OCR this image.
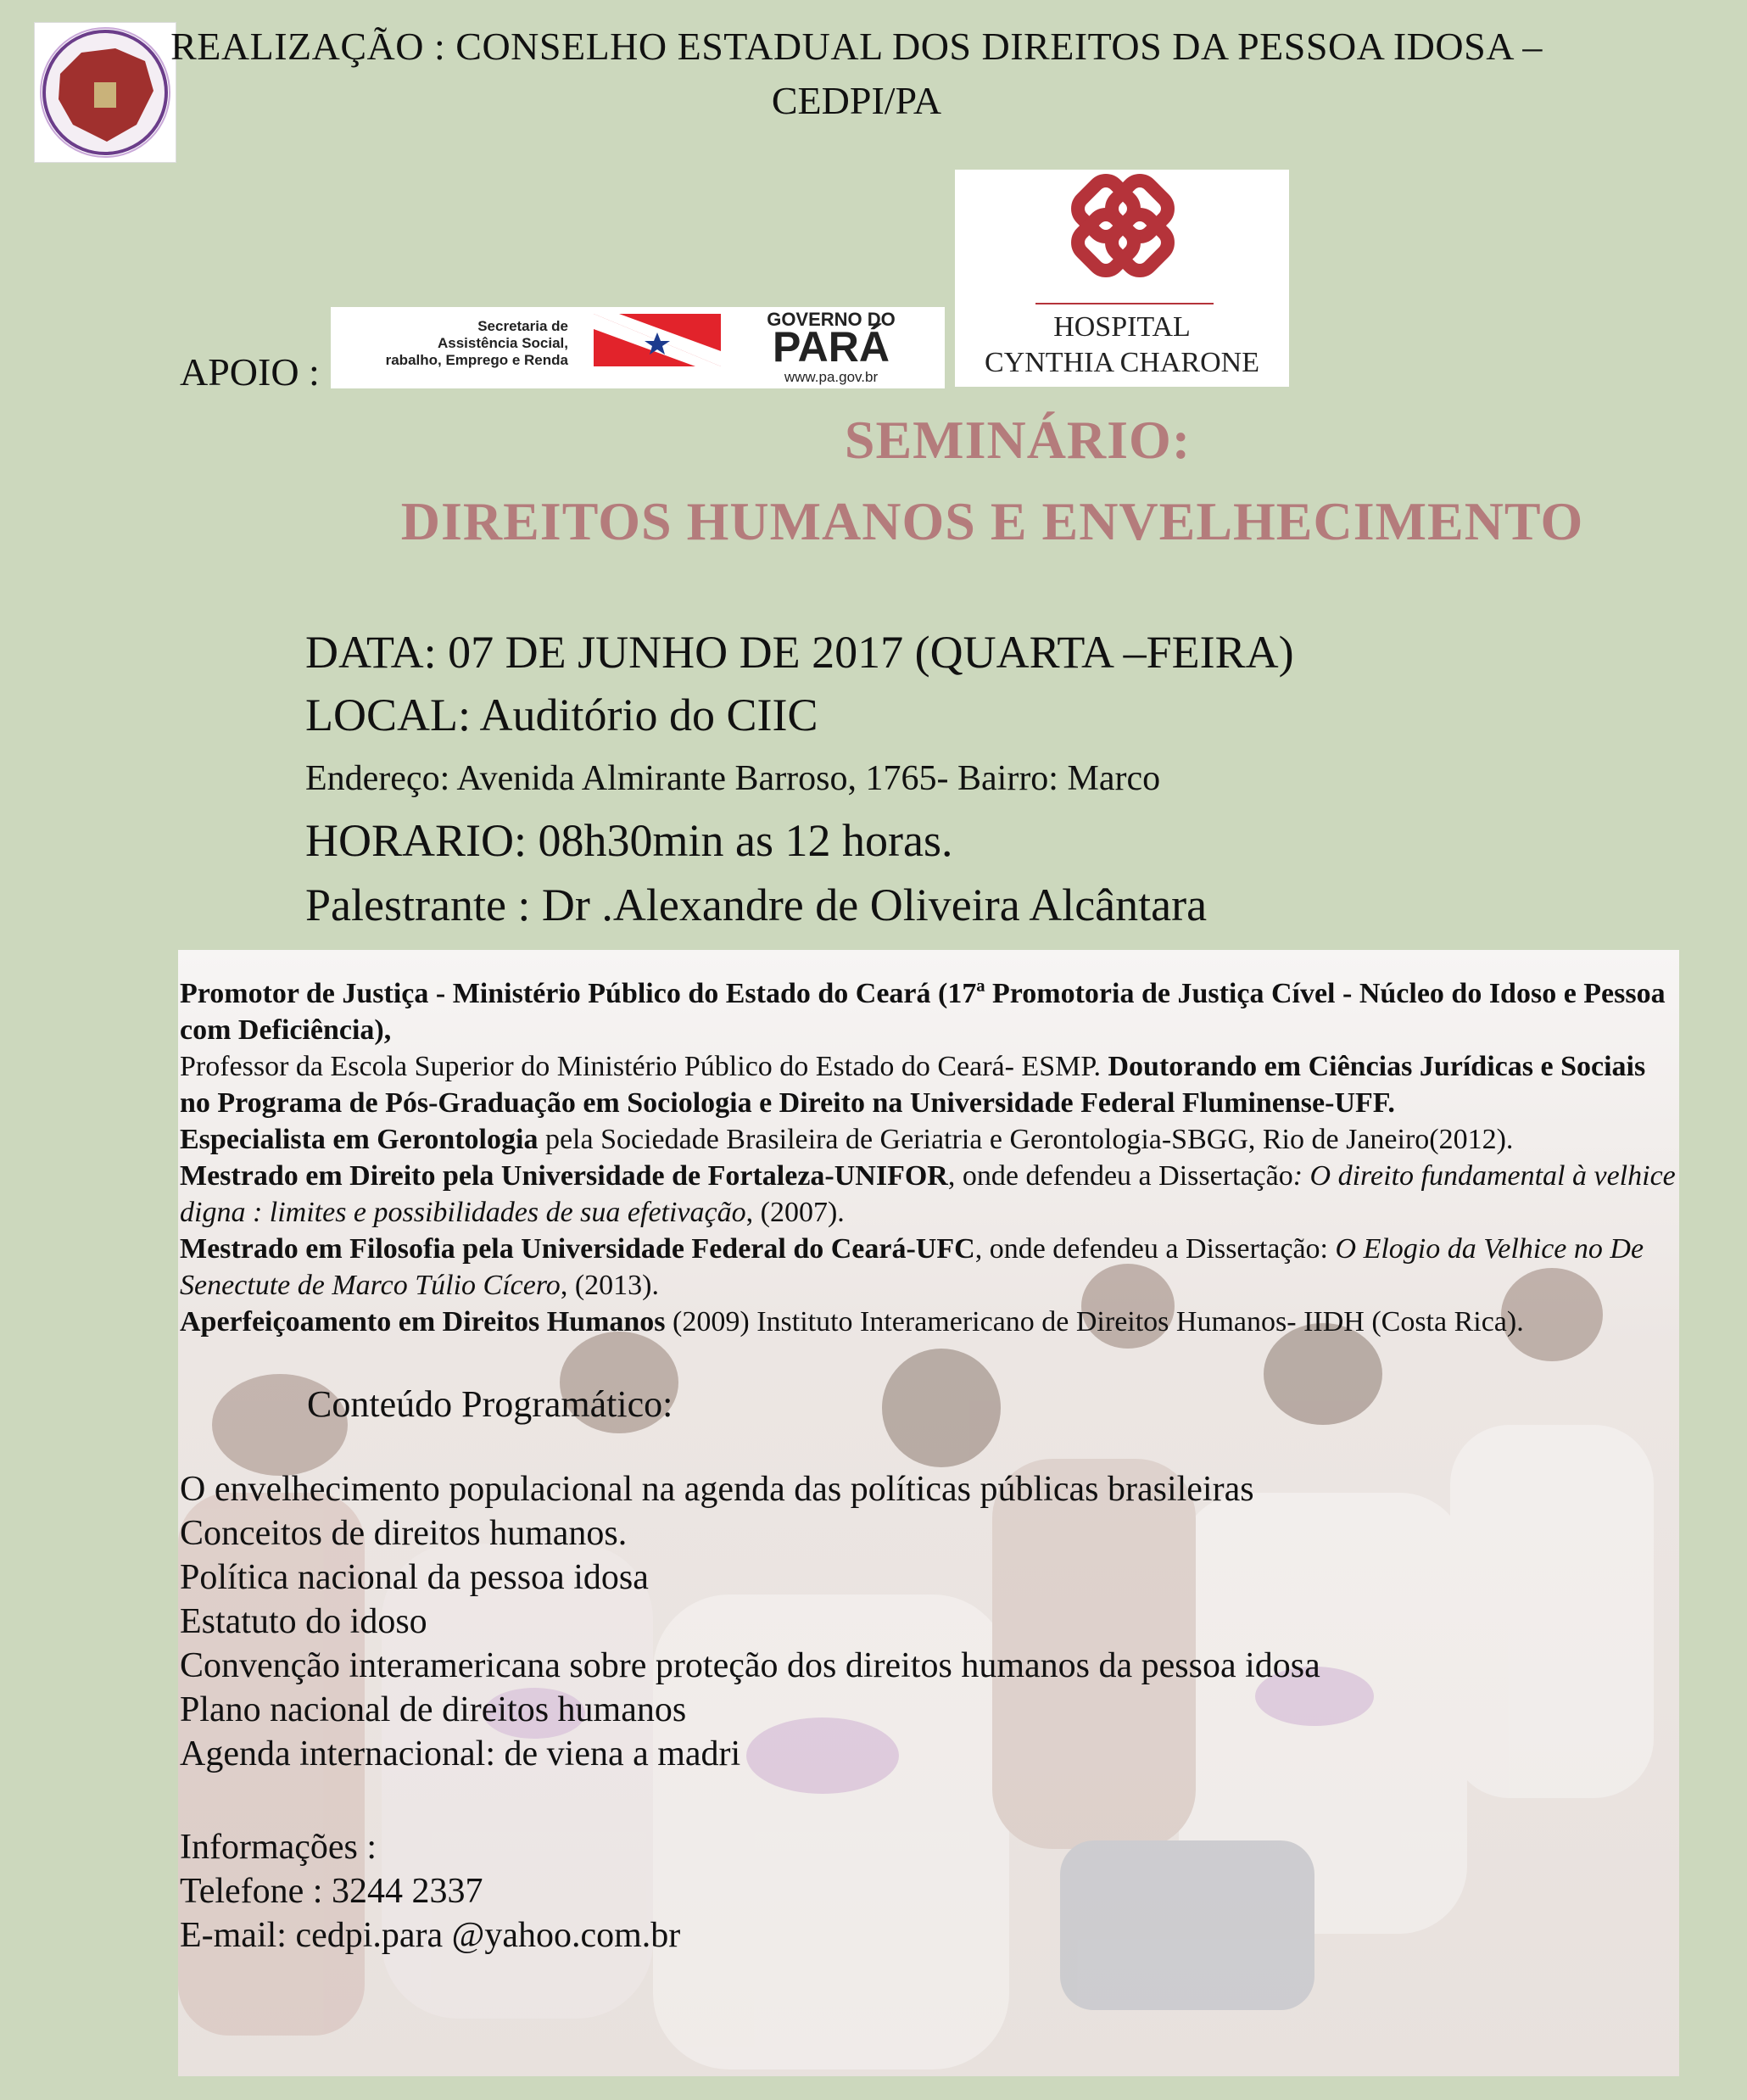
REALIZAÇÃO : CONSELHO ESTADUAL DOS DIREITOS DA PESSOA IDOSA –
CEDPI/PA
APOIO :
Secretaria de
Assistência Social,
rabalho, Emprego e Renda
GOVERNO DO
PARÁ
www.pa.gov.br
HOSPITAL
CYNTHIA CHARONE
SEMINÁRIO:
DIREITOS HUMANOS E ENVELHECIMENTO
DATA: 07 DE JUNHO DE 2017 (QUARTA –FEIRA)
LOCAL: Auditório do CIIC
Endereço: Avenida Almirante Barroso, 1765- Bairro: Marco
HORARIO: 08h30min as 12 horas.
Palestrante : Dr .Alexandre de Oliveira Alcântara
Promotor de Justiça - Ministério Público do Estado do Ceará (17ª Promotoria de Justiça Cível - Núcleo do Idoso e Pessoa com Deficiência),
Professor da Escola Superior do Ministério Público do Estado do Ceará- ESMP. Doutorando em Ciências Jurídicas e Sociais no Programa de Pós-Graduação em Sociologia e Direito na Universidade Federal Fluminense-UFF.
Especialista em Gerontologia pela Sociedade Brasileira de Geriatria e Gerontologia-SBGG, Rio de Janeiro(2012).
Mestrado em Direito pela Universidade de Fortaleza-UNIFOR, onde defendeu a Dissertação: O direito fundamental à velhice digna : limites e possibilidades de sua efetivação, (2007).
Mestrado em Filosofia pela Universidade Federal do Ceará-UFC, onde defendeu a Dissertação: O Elogio da Velhice no De Senectute de Marco Túlio Cícero, (2013).
Aperfeiçoamento em Direitos Humanos (2009) Instituto Interamericano de Direitos Humanos- IIDH (Costa Rica).
Conteúdo Programático:
O envelhecimento populacional na agenda das políticas públicas brasileiras
Conceitos de direitos humanos.
Política nacional da pessoa idosa
Estatuto do idoso
Convenção interamericana sobre proteção dos direitos humanos da pessoa idosa
Plano nacional de direitos humanos
Agenda internacional: de viena a madri
Informações :
Telefone : 3244 2337
E-mail: cedpi.para @yahoo.com.br
